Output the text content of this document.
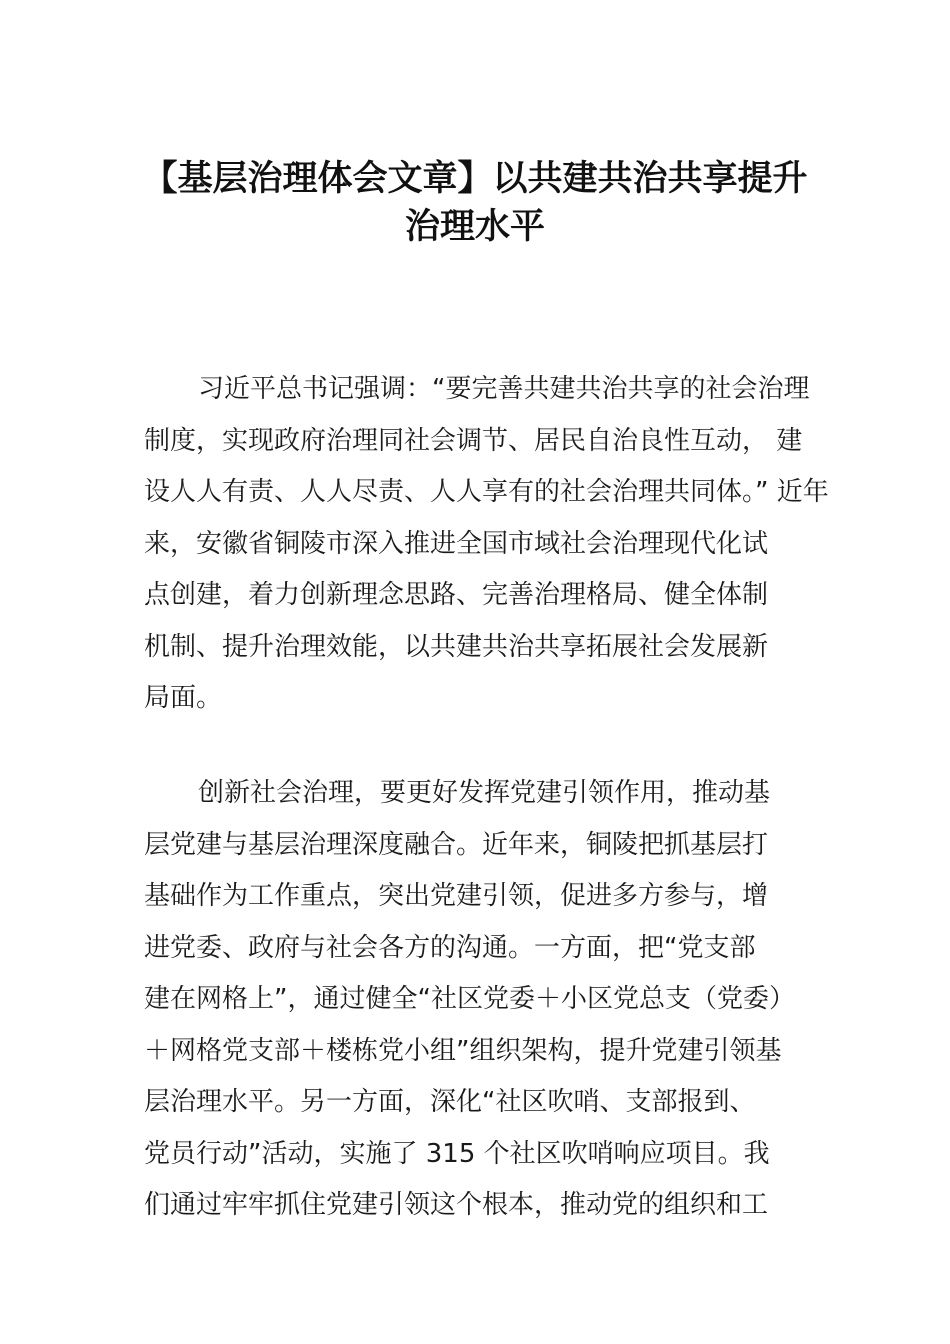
【基层治理体会文章】以共建共治共享提升
治理水平
习近平总书记强调：“要完善共建共治共享的社会治理
制度，实现政府治理同社会调节、居民自治良性互动， 建
设人人有责、人人尽责、人人享有的社会治理共同体。” 近年
来，安徽省铜陵市深入推进全国市域社会治理现代化试
点创建，着力创新理念思路、完善治理格局、健全体制
机制、提升治理效能，以共建共治共享拓展社会发展新
局面。
创新社会治理，要更好发挥党建引领作用，推动基
层党建与基层治理深度融合。近年来，铜陵把抓基层打
基础作为工作重点，突出党建引领，促进多方参与，增
进党委、政府与社会各方的沟通。一方面，把“党支部
建在网格上”，通过健全“社区党委＋小区党总支（党委）
＋网格党支部＋楼栋党小组”组织架构，提升党建引领基
层治理水平。另一方面，深化“社区吹哨、支部报到、
党员行动”活动，实施了 315 个社区吹哨响应项目。我
们通过牢牢抓住党建引领这个根本，推动党的组织和工
